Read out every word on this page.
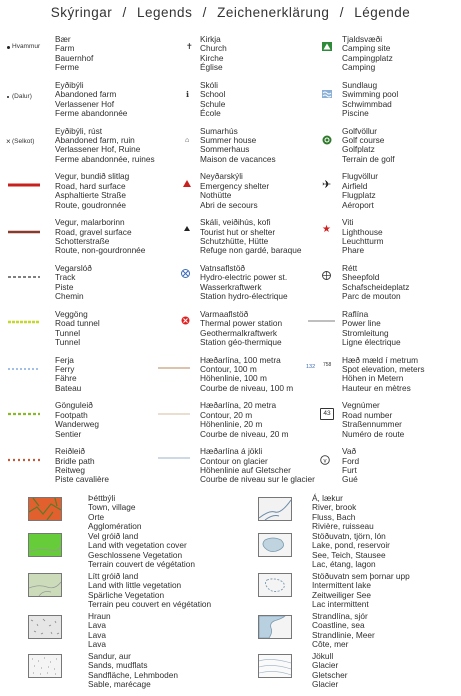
Skýringar / Legends / Zeichenerklärung / Légende
Hvammur
(Dalur)
× (Selkot)
✝
ℹ
⌂
✈
★
132 758
43
v
Bær
Farm
Bauernhof
Ferme
Eyðibýli
Abandoned farm
Verlassener Hof
Ferme abandonnée
Eyðibýli, rúst
Abandoned farm, ruin
Verlassener Hof, Ruine
Ferme abandonnée, ruines
Vegur, bundið slitlag
Road, hard surface
Asphaltierte Straße
Route, goudronnée
Vegur, malarborinn
Road, gravel surface
Schotterstraße
Route, non-gourdronnée
Vegarslóð
Track
Piste
Chemin
Veggöng
Road tunnel
Tunnel
Tunnel
Ferja
Ferry
Fähre
Bateau
Gönguleið
Footpath
Wanderweg
Sentier
Reiðleið
Bridle path
Reitweg
Piste cavalière
Kirkja
Church
Kirche
Église
Skóli
School
Schule
École
Sumarhús
Summer house
Sommerhaus
Maison de vacances
Neyðarskýli
Emergency shelter
Nothütte
Abri de secours
Skáli, veiðihús, kofi
Tourist hut or shelter
Schutzhütte, Hütte
Refuge non gardé, baraque
Vatnsaflstöð
Hydro-electric power st.
Wasserkraftwerk
Station hydro-électrique
Varmaaflstöð
Thermal power station
Geothermalkraftwerk
Station géo-thermique
Hæðarlína, 100 metra
Contour, 100 m
Höhenlinie, 100 m
Courbe de niveau, 100 m
Hæðarlína, 20 metra
Contour, 20 m
Höhenlinie, 20 m
Courbe de niveau, 20 m
Hæðarlína á jökli
Contour on glacier
Höhenlinie auf Gletscher
Courbe de niveau sur le glacier
Tjaldsvæði
Camping site
Campingplatz
Camping
Sundlaug
Swimming pool
Schwimmbad
Piscine
Golfvöllur
Golf course
Golfplatz
Terrain de golf
Flugvöllur
Airfield
Flugplatz
Aéroport
Viti
Lighthouse
Leuchtturm
Phare
Rétt
Sheepfold
Schafscheideplatz
Parc de mouton
Raflína
Power line
Stromleitung
Ligne électrique
Hæð mæld í metrum
Spot elevation, meters
Höhen in Metern
Hauteur en mètres
Vegnúmer
Road number
Straßennummer
Numéro de route
Vað
Ford
Furt
Gué
Þéttbýli
Town, village
Orte
Agglomération
Vel gróið land
Land with vegetation cover
Geschlossene Vegetation
Terrain couvert de végétation
Lítt gróið land
Land with little vegetation
Spärliche Vegetation
Terrain peu couvert en végétation
Hraun
Lava
Lava
Lava
Sandur, aur
Sands, mudflats
Sandfläche, Lehmboden
Sable, marécage
Á, lækur
River, brook
Fluss, Bach
Rivière, ruisseau
Stöðuvatn, tjörn, lón
Lake, pond, reservoir
See, Teich, Stausee
Lac, étang, lagon
Stöðuvatn sem þornar upp
Intermittent lake
Zeitweiliger See
Lac intermittent
Strandlína, sjór
Coastline, sea
Strandlinie, Meer
Côte, mer
Jökull
Glacier
Gletscher
Glacier
